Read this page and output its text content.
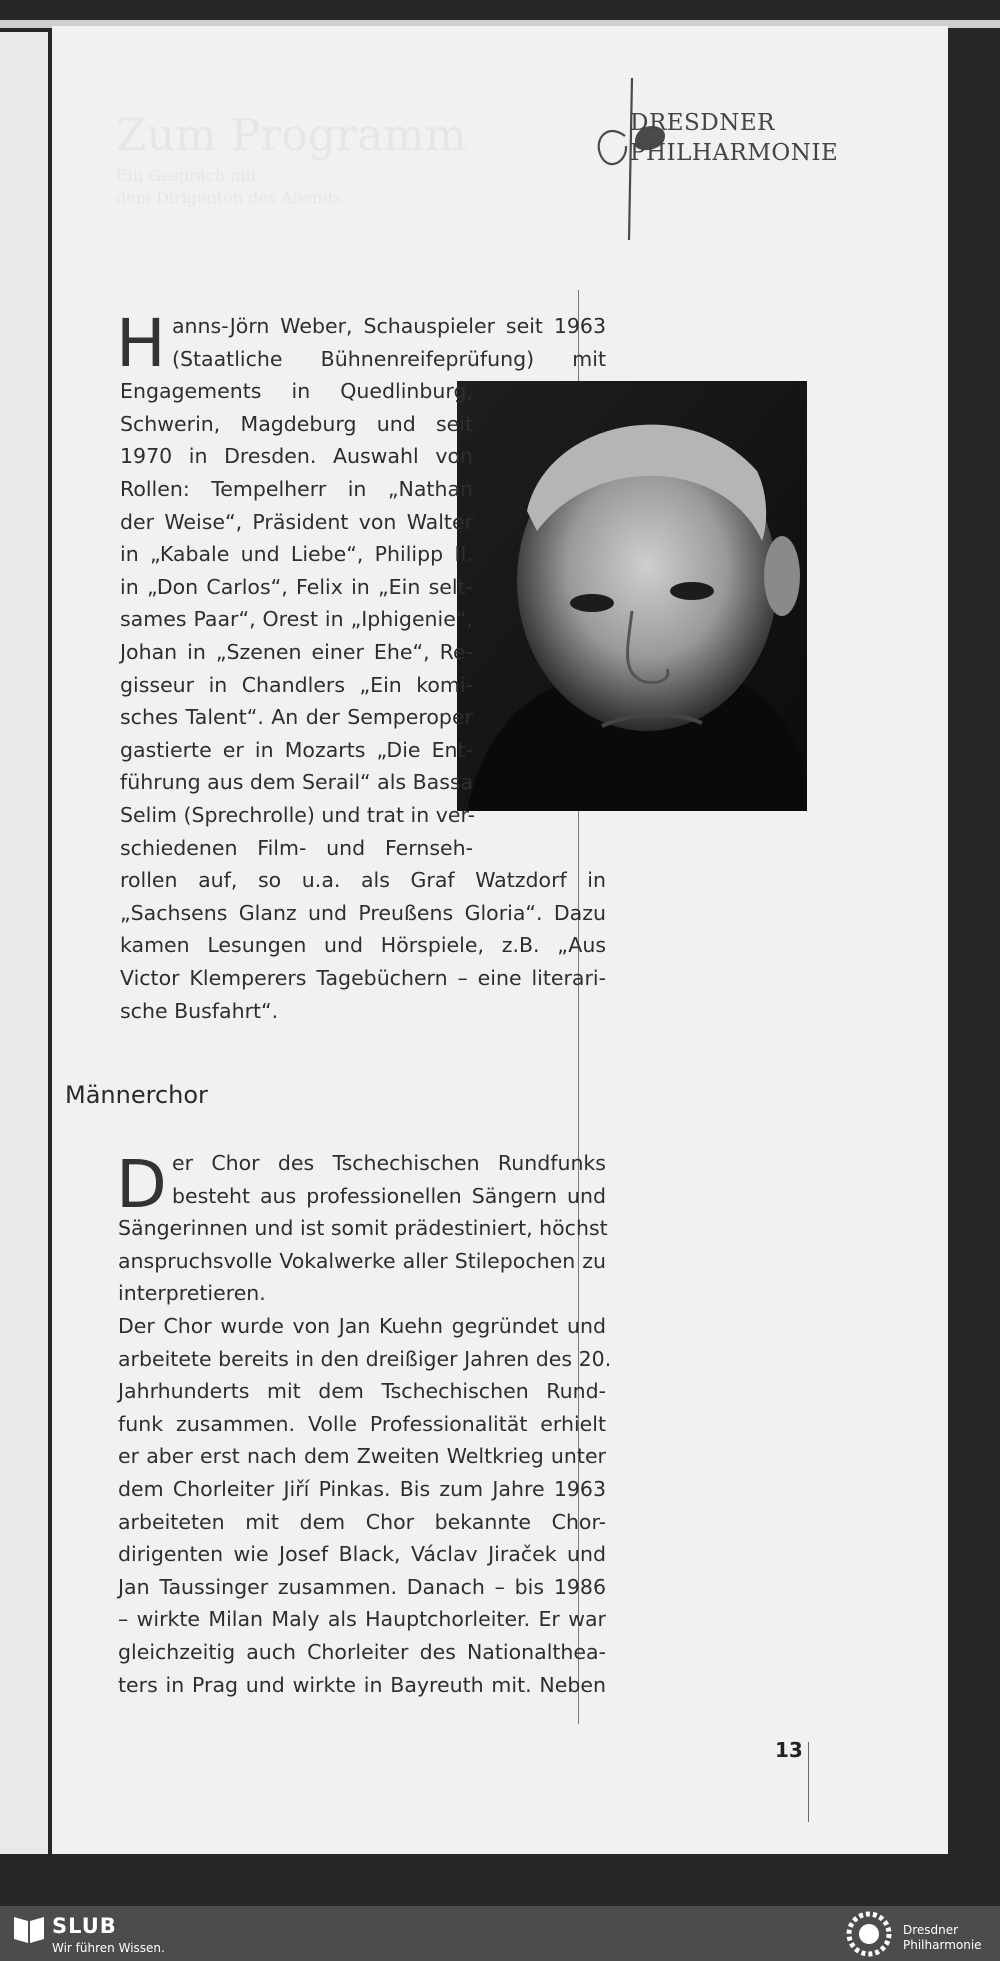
Zum Programm
Ein Gespräch mit
dem Dirigenten des Abends
DRESDNER
PHILHARMONIE
H anns-Jörn Weber, Schauspieler seit 1963
(Staatliche Bühnenreifeprüfung) mit
Engagements in Quedlinburg,
Schwerin, Magdeburg und seit
1970 in Dresden. Auswahl von
Rollen: Tempelherr in „Nathan
der Weise“, Präsident von Walter
in „Kabale und Liebe“, Philipp II.
in „Don Carlos“, Felix in „Ein selt-
sames Paar“, Orest in „Iphigenie“,
Johan in „Szenen einer Ehe“, Re-
gisseur in Chandlers „Ein komi-
sches Talent“. An der Semperoper
gastierte er in Mozarts „Die Ent-
führung aus dem Serail“ als Bassa
Selim (Sprechrolle) und trat in ver-
schiedenen Film- und Fernseh-
rollen auf, so u.a. als Graf Watzdorf in
„Sachsens Glanz und Preußens Gloria“. Dazu
kamen Lesungen und Hörspiele, z.B. „Aus
Victor Klemperers Tagebüchern – eine literari-
sche Busfahrt“.
Männerchor
D er Chor des Tschechischen Rundfunks
besteht aus professionellen Sängern und
Sängerinnen und ist somit prädestiniert, höchst
anspruchsvolle Vokalwerke aller Stilepochen zu
interpretieren.
Der Chor wurde von Jan Kuehn gegründet und
arbeitete bereits in den dreißiger Jahren des 20.
Jahrhunderts mit dem Tschechischen Rund-
funk zusammen. Volle Professionalität erhielt
er aber erst nach dem Zweiten Weltkrieg unter
dem Chorleiter Jiří Pinkas. Bis zum Jahre 1963
arbeiteten mit dem Chor bekannte Chor-
dirigenten wie Josef Black, Václav Jiraček und
Jan Taussinger zusammen. Danach – bis 1986
– wirkte Milan Maly als Hauptchorleiter. Er war
gleichzeitig auch Chorleiter des Nationalthea-
ters in Prag und wirkte in Bayreuth mit. Neben
13
SLUB
Wir führen Wissen.
Dresdner
Philharmonie
